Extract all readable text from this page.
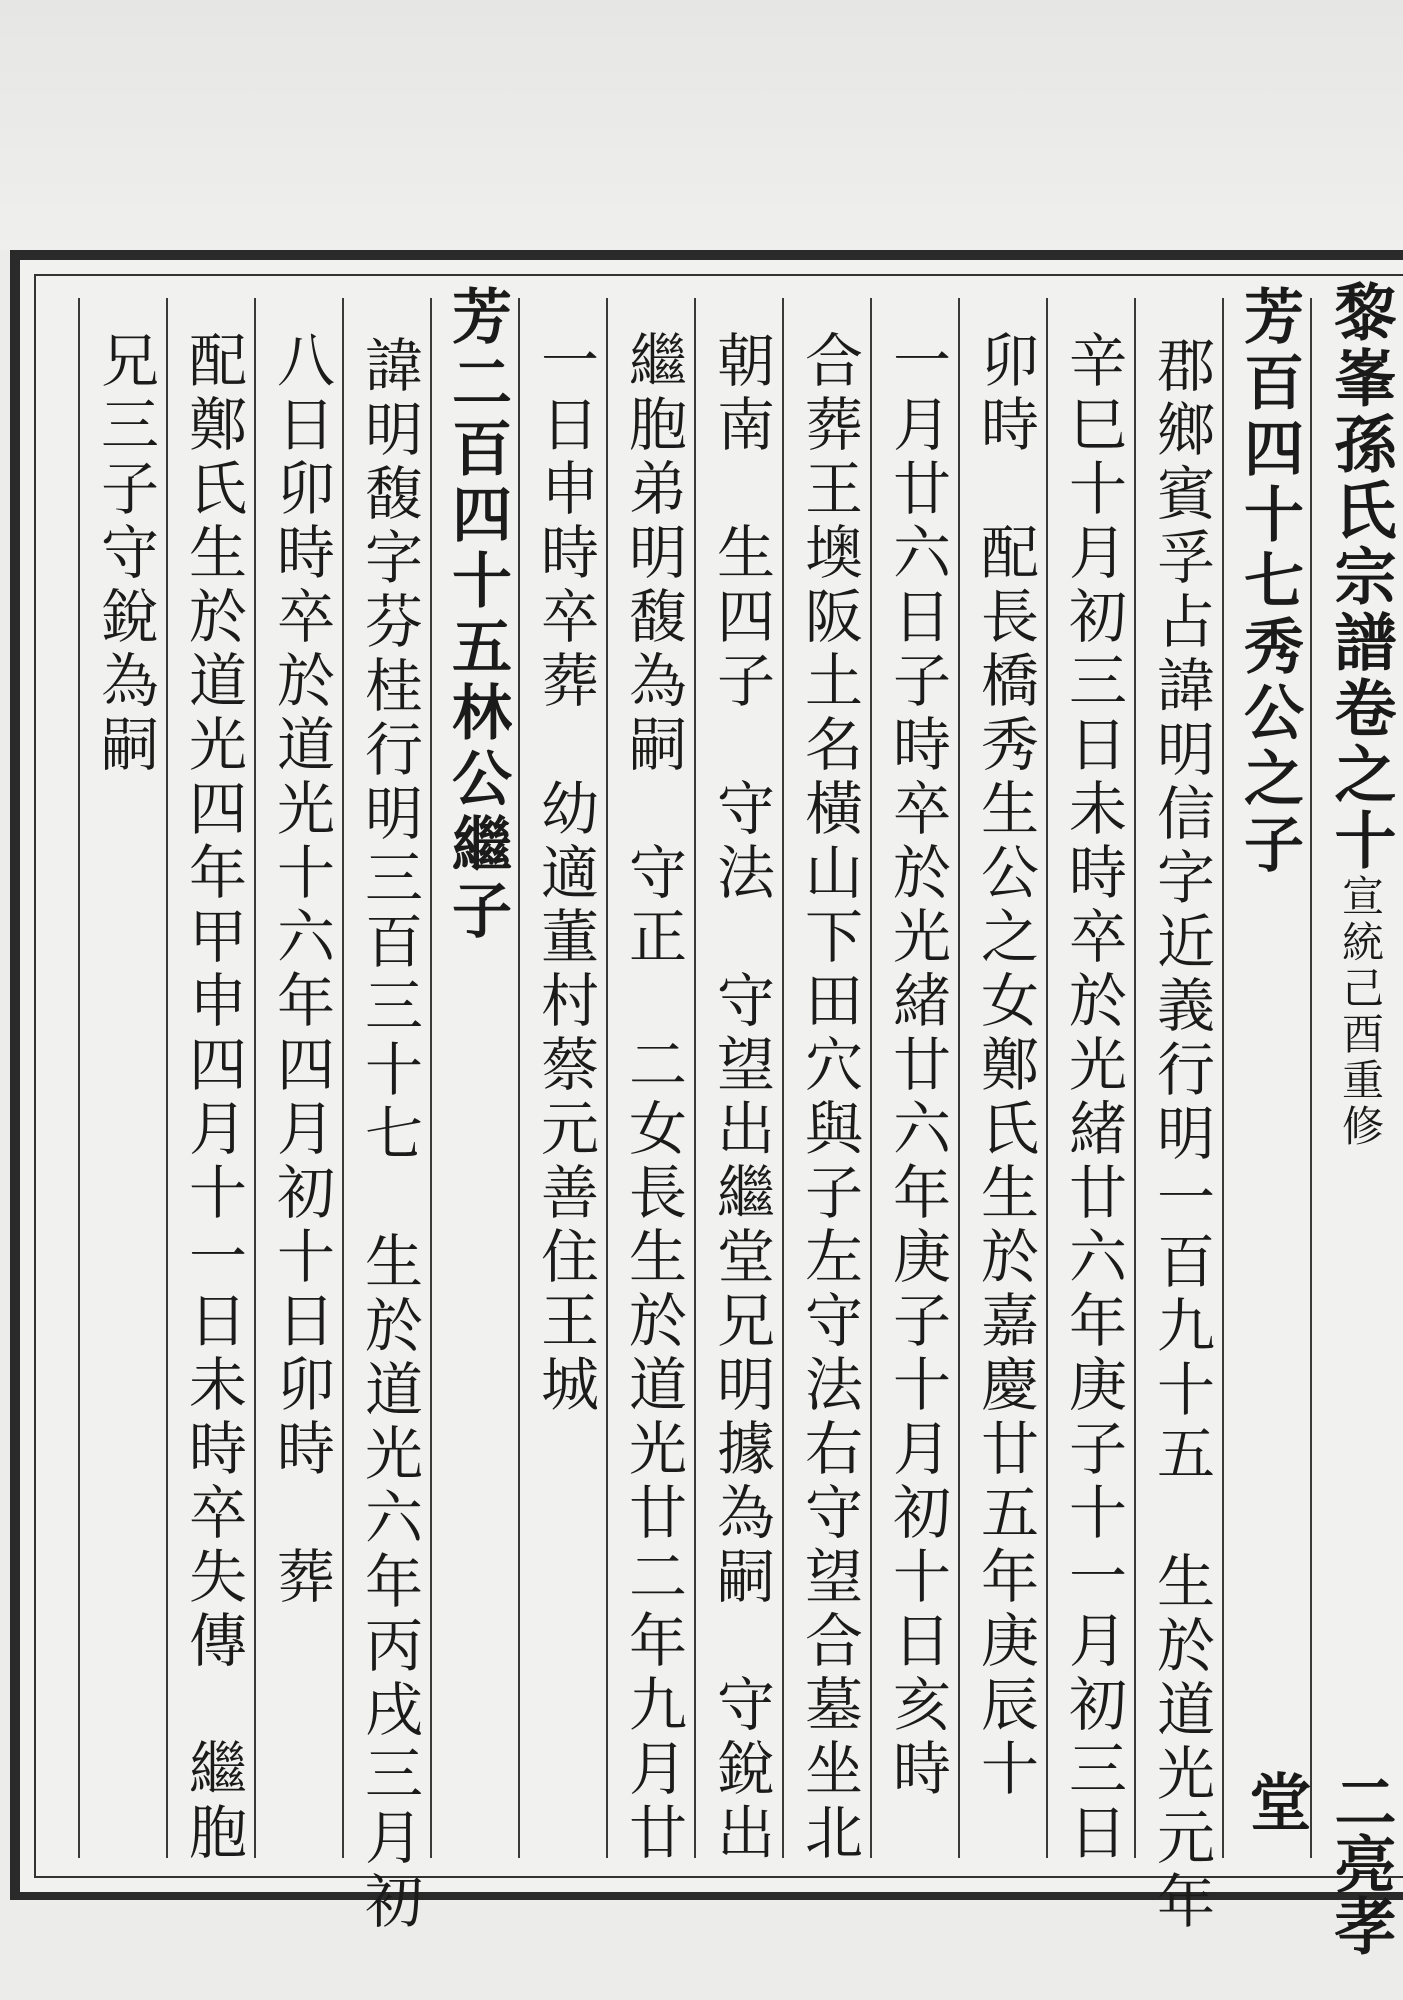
黎峯孫氏宗譜卷之十宣統己酉重修
二亮孝堂
芳百四十七秀公之子
郡鄉賓孚占諱明信字近義行明一百九十五　生於道光元年
辛巳十月初三日未時卒於光緒廿六年庚子十一月初三日
卯時　配長橋秀生公之女鄭氏生於嘉慶廿五年庚辰十
一月廿六日子時卒於光緒廿六年庚子十月初十日亥時
合葬王墺阪土名橫山下田穴與子左守法右守望合墓坐北
朝南　生四子　守法　守望出繼堂兄明據為嗣　守銳出
繼胞弟明馥為嗣　守正　二女長生於道光廿二年九月廿
一日申時卒葬　幼適董村蔡元善住王城
芳二百四十五林公繼子
諱明馥字芬桂行明三百三十七　生於道光六年丙戌三月初
八日卯時卒於道光十六年四月初十日卯時　葬
配鄭氏生於道光四年甲申四月十一日未時卒失傳　繼胞
兄三子守銳為嗣
